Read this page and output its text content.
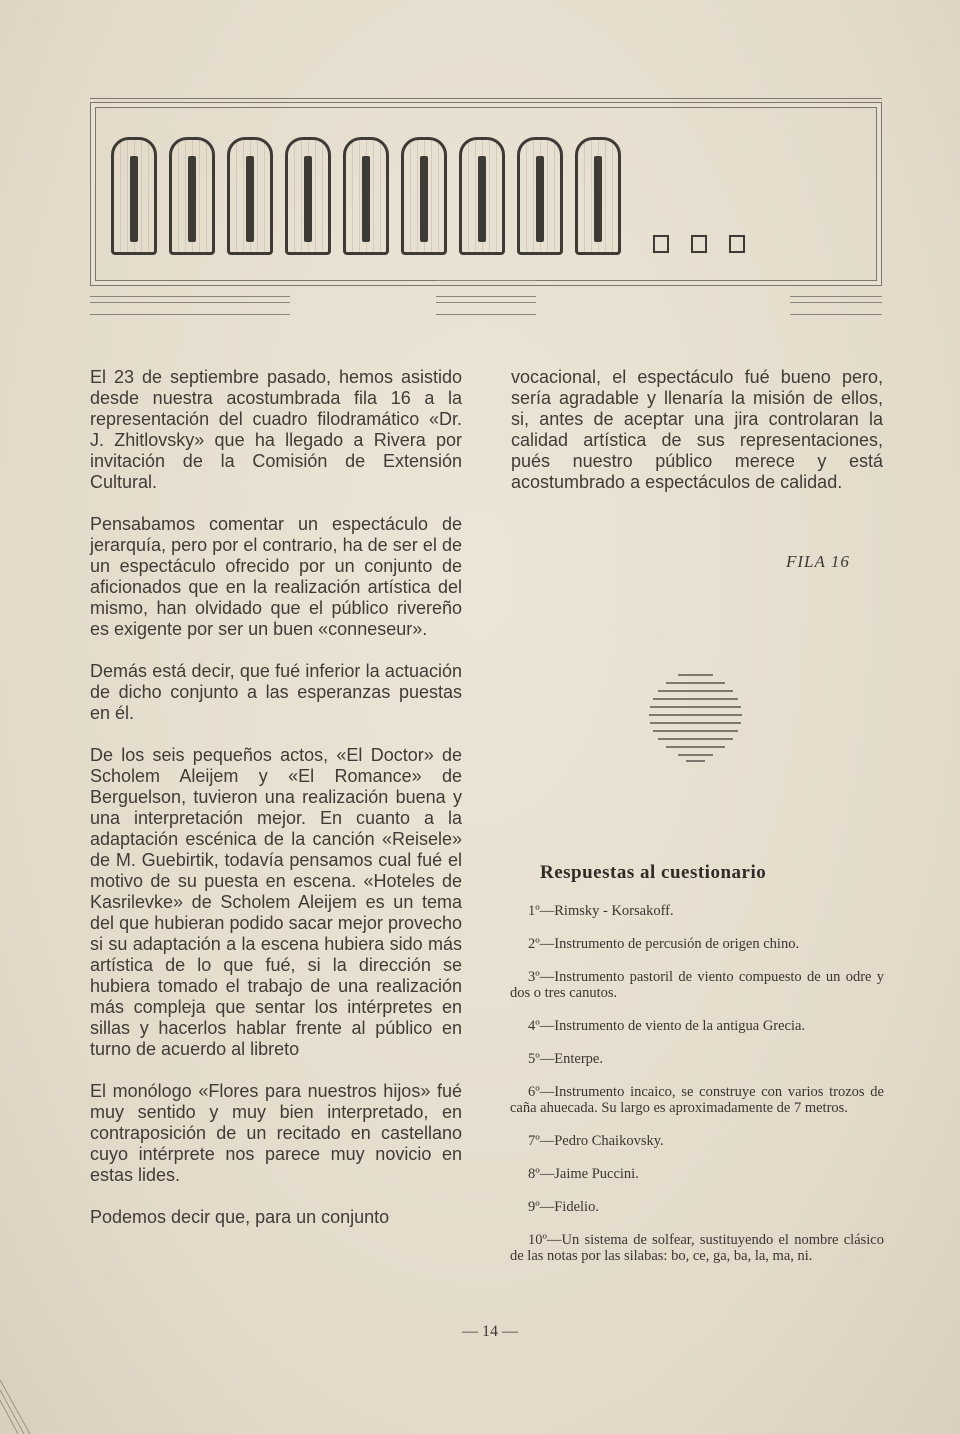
El 23 de septiembre pasado, hemos asistido desde nuestra acostumbrada fila 16 a la representación del cuadro filodramático «Dr. J. Zhitlovsky» que ha llegado a Rivera por invitación de la Comisión de Extensión Cultural.

Pensabamos comentar un espectáculo de jerarquía, pero por el contrario, ha de ser el de un espectáculo ofrecido por un conjunto de aficionados que en la realización artística del mismo, han olvidado que el público rivereño es exigente por ser un buen «conneseur».

Demás está decir, que fué inferior la actuación de dicho conjunto a las esperanzas puestas en él.

De los seis pequeños actos, «El Doctor» de Scholem Aleijem y «El Romance» de Berguelson, tuvieron una realización buena y una interpretación mejor. En cuanto a la adaptación escénica de la canción «Reisele» de M. Guebirtik, todavía pensamos cual fué el motivo de su puesta en escena. «Hoteles de Kasrilevke» de Scholem Aleijem es un tema del que hubieran podido sacar mejor provecho si su adaptación a la escena hubiera sido más artística de lo que fué, si la dirección se hubiera tomado el trabajo de una realización más compleja que sentar los intérpretes en sillas y hacerlos hablar frente al público en turno de acuerdo al libreto

El monólogo «Flores para nuestros hijos» fué muy sentido y muy bien interpretado, en contraposición de un recitado en castellano cuyo intérprete nos parece muy novicio en estas lides.

Podemos decir que, para un conjunto

vocacional, el espectáculo fué bueno pero, sería agradable y llenaría la misión de ellos, si, antes de aceptar una jira controlaran la calidad artística de sus representaciones, pués nuestro público merece y está acostumbrado a espectáculos de calidad.

FILA 16
Respuestas al cuestionario
1º—Rimsky - Korsakoff.
2º—Instrumento de percusión de origen chino.
3º—Instrumento pastoril de viento compuesto de un odre y dos o tres canutos.
4º—Instrumento de viento de la antigua Grecia.
5º—Enterpe.
6º—Instrumento incaico, se construye con varios trozos de caña ahuecada. Su largo es aproximadamente de 7 metros.
7º—Pedro Chaikovsky.
8º—Jaime Puccini.
9º—Fidelio.
10º—Un sistema de solfear, sustituyendo el nombre clásico de las notas por las silabas: bo, ce, ga, ba, la, ma, ni.
— 14 —
